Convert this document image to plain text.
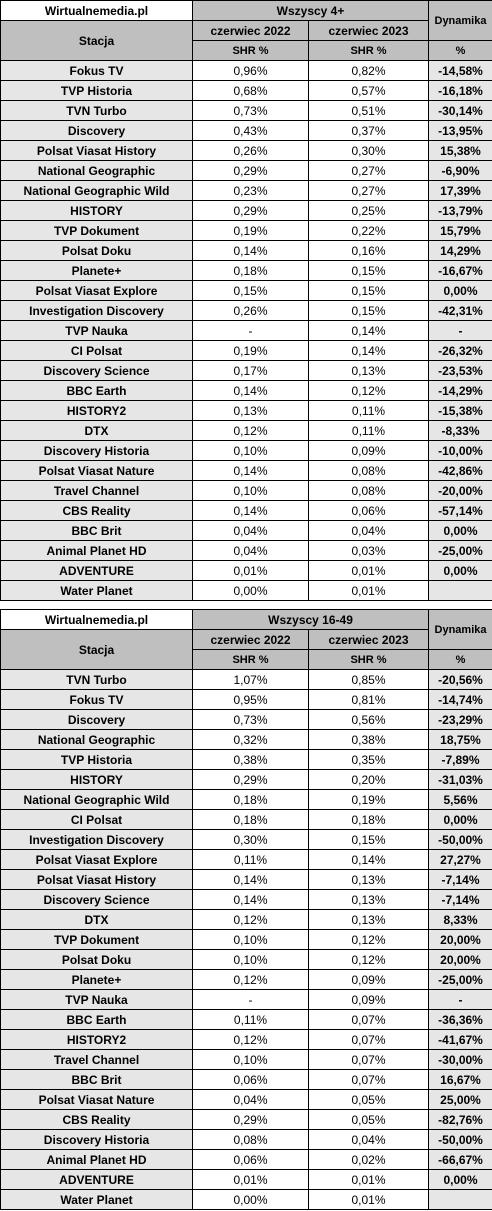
Wirtualnemedia.pl	Wszyscy 4+		Dynamika
Stacja	czerwiec 2022	czerwiec 2023	
	SHR %	SHR %	%
Fokus TV	0,96%	0,82%	-14,58%
TVP Historia	0,68%	0,57%	-16,18%
TVN Turbo	0,73%	0,51%	-30,14%
Discovery	0,43%	0,37%	-13,95%
Polsat Viasat History	0,26%	0,30%	15,38%
National Geographic	0,29%	0,27%	-6,90%
National Geographic Wild	0,23%	0,27%	17,39%
HISTORY	0,29%	0,25%	-13,79%
TVP Dokument	0,19%	0,22%	15,79%
Polsat Doku	0,14%	0,16%	14,29%
Planete+	0,18%	0,15%	-16,67%
Polsat Viasat Explore	0,15%	0,15%	0,00%
Investigation Discovery	0,26%	0,15%	-42,31%
TVP Nauka	-	0,14%	-
CI Polsat	0,19%	0,14%	-26,32%
Discovery Science	0,17%	0,13%	-23,53%
BBC Earth	0,14%	0,12%	-14,29%
HISTORY2	0,13%	0,11%	-15,38%
DTX	0,12%	0,11%	-8,33%
Discovery Historia	0,10%	0,09%	-10,00%
Polsat Viasat Nature	0,14%	0,08%	-42,86%
Travel Channel	0,10%	0,08%	-20,00%
CBS Reality	0,14%	0,06%	-57,14%
BBC Brit	0,04%	0,04%	0,00%
Animal Planet HD	0,04%	0,03%	-25,00%
ADVENTURE	0,01%	0,01%	0,00%
Water Planet	0,00%	0,01%	
Wirtualnemedia.pl	Wszyscy 16-49		Dynamika
Stacja	czerwiec 2022	czerwiec 2023	
	SHR %	SHR %	%
TVN Turbo	1,07%	0,85%	-20,56%
Fokus TV	0,95%	0,81%	-14,74%
Discovery	0,73%	0,56%	-23,29%
National Geographic	0,32%	0,38%	18,75%
TVP Historia	0,38%	0,35%	-7,89%
HISTORY	0,29%	0,20%	-31,03%
National Geographic Wild	0,18%	0,19%	5,56%
CI Polsat	0,18%	0,18%	0,00%
Investigation Discovery	0,30%	0,15%	-50,00%
Polsat Viasat Explore	0,11%	0,14%	27,27%
Polsat Viasat History	0,14%	0,13%	-7,14%
Discovery Science	0,14%	0,13%	-7,14%
DTX	0,12%	0,13%	8,33%
TVP Dokument	0,10%	0,12%	20,00%
Polsat Doku	0,10%	0,12%	20,00%
Planete+	0,12%	0,09%	-25,00%
TVP Nauka	-	0,09%	-
BBC Earth	0,11%	0,07%	-36,36%
HISTORY2	0,12%	0,07%	-41,67%
Travel Channel	0,10%	0,07%	-30,00%
BBC Brit	0,06%	0,07%	16,67%
Polsat Viasat Nature	0,04%	0,05%	25,00%
CBS Reality	0,29%	0,05%	-82,76%
Discovery Historia	0,08%	0,04%	-50,00%
Animal Planet HD	0,06%	0,02%	-66,67%
ADVENTURE	0,01%	0,01%	0,00%
Water Planet	0,00%	0,01%	
